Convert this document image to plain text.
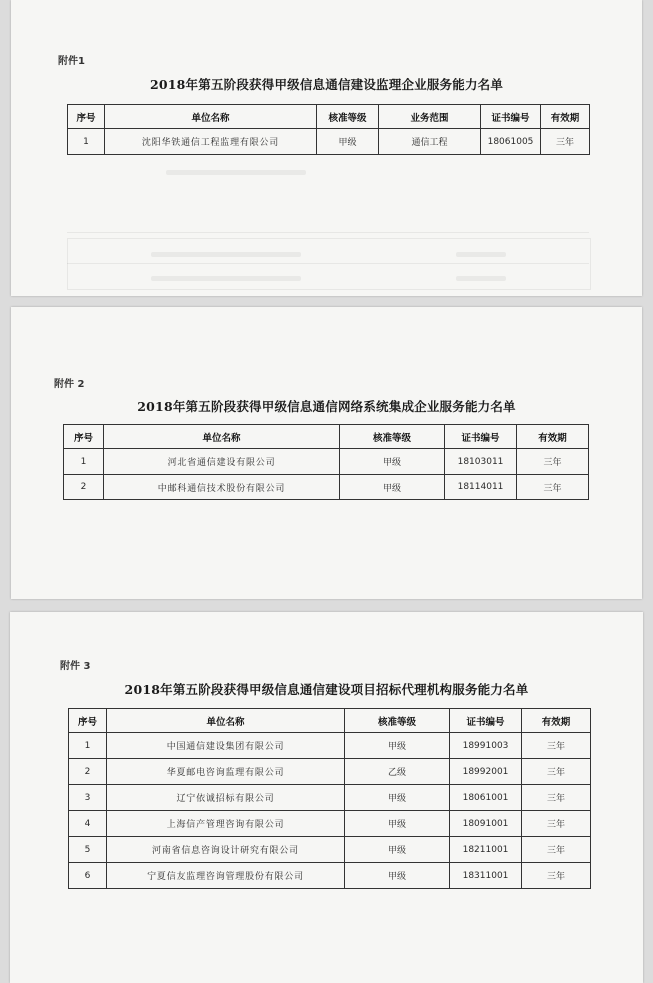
附件1
2018年第五阶段获得甲级信息通信建设监理企业服务能力名单
序号	单位名称	核准等级	业务范围	证书编号	有效期
1	沈阳华铁通信工程监理有限公司	甲级	通信工程	18061005	三年
附件 2
2018年第五阶段获得甲级信息通信网络系统集成企业服务能力名单
序号	单位名称	核准等级	证书编号	有效期
1	河北省通信建设有限公司	甲级	18103011	三年
2	中邮科通信技术股份有限公司	甲级	18114011	三年
附件 3
2018年第五阶段获得甲级信息通信建设项目招标代理机构服务能力名单
序号	单位名称	核准等级	证书编号	有效期
1	中国通信建设集团有限公司	甲级	18991003	三年
2	华夏邮电咨询监理有限公司	乙级	18992001	三年
3	辽宁依诚招标有限公司	甲级	18061001	三年
4	上海信产管理咨询有限公司	甲级	18091001	三年
5	河南省信息咨询设计研究有限公司	甲级	18211001	三年
6	宁夏信友监理咨询管理股份有限公司	甲级	18311001	三年
